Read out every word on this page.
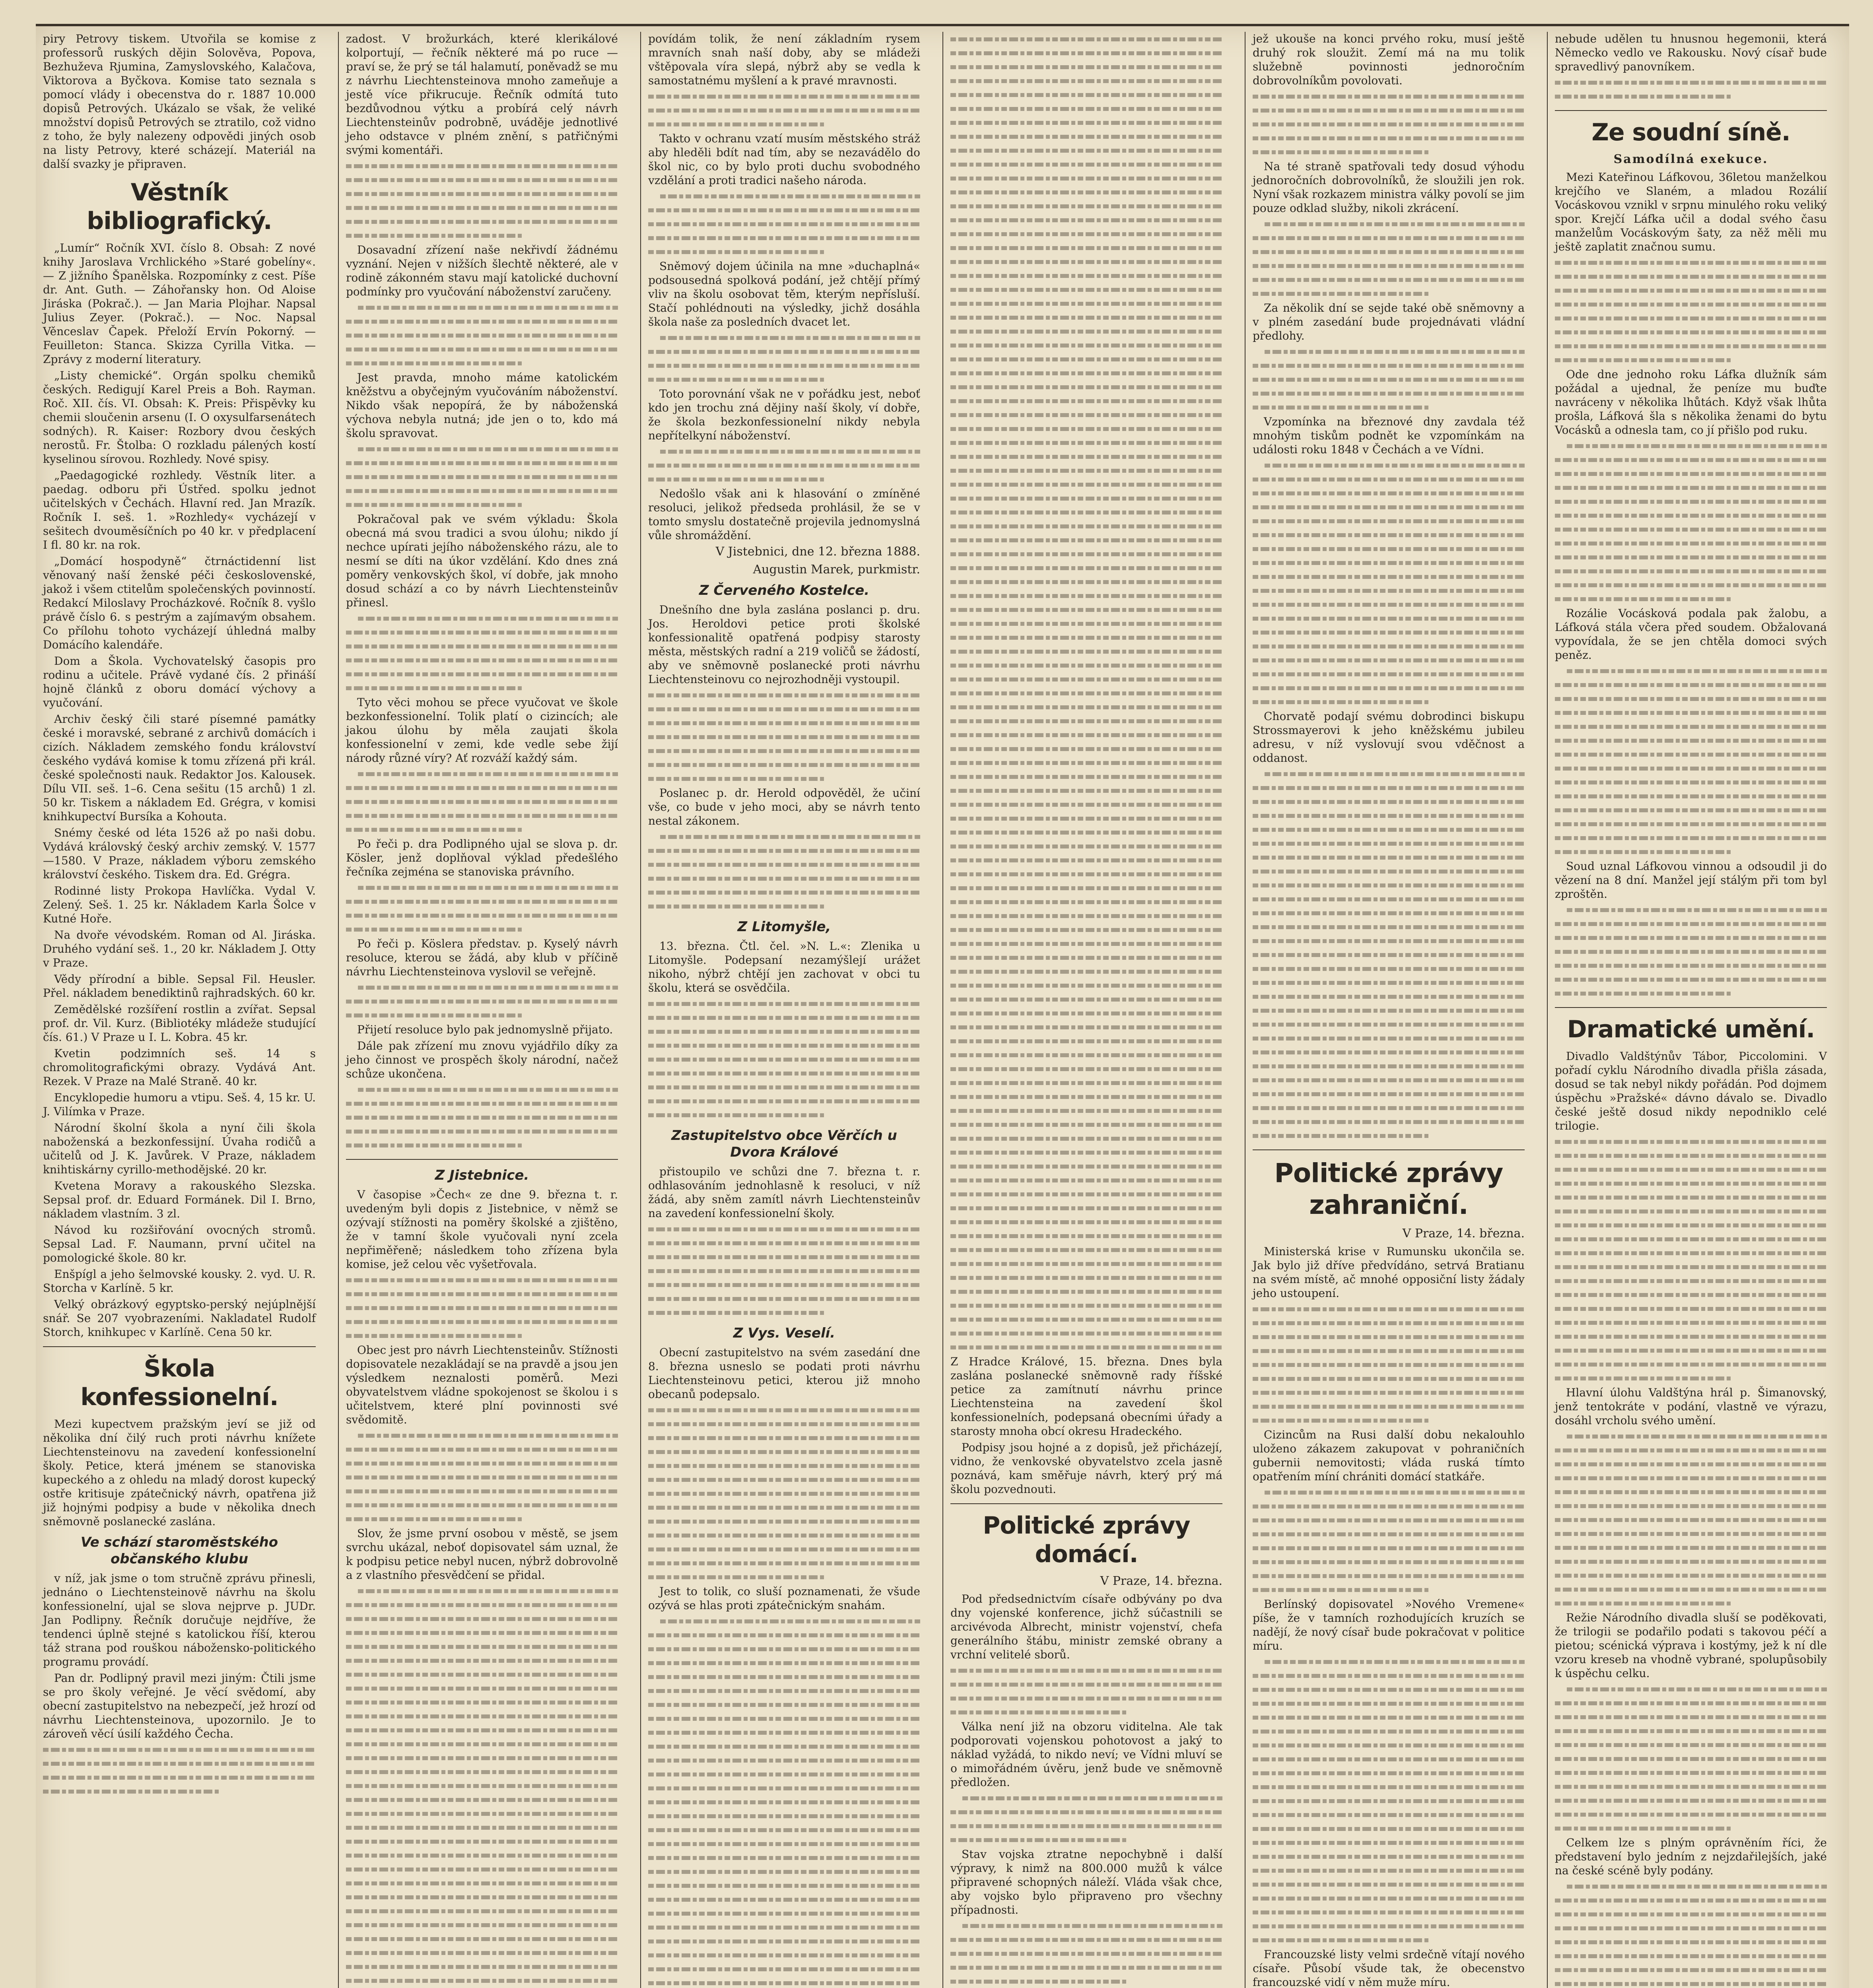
piry Petrovy tiskem. Utvořila se komise z professorů ruských dějin Solověva, Popova, Bezhuževa Rjumina, Zamyslovského, Kalačova, Viktorova a Byčkova. Komise tato seznala s pomocí vlády i obecenstva do r. 1887 10.000 dopisů Petrových. Ukázalo se však, že veliké množství dopisů Petrových se ztratilo, což vidno z toho, že byly nalezeny odpovědi jiných osob na listy Petrovy, které scházejí. Materiál na další svazky je připraven.

Věstník bibliografický.

„Lumír“ Ročník XVI. číslo 8. Obsah: Z nové knihy Jaroslava Vrchlického »Staré gobelíny«. — Z jižního Španělska. Rozpomínky z cest. Píše dr. Ant. Guth. — Záhořansky hon. Od Aloise Jiráska (Pokrač.). — Jan Maria Plojhar. Napsal Julius Zeyer. (Pokrač.). — Noc. Napsal Věnceslav Čapek. Přeloží Ervín Pokorný. — Feuilleton: Stanca. Skizza Cyrilla Vitka. — Zprávy z moderní literatury.

„Listy chemické“. Orgán spolku chemiků českých. Redigují Karel Preis a Boh. Rayman. Roč. XII. čís. VI. Obsah: K. Preis: Přispěvky ku chemii sloučenin arsenu (I. O oxysulfarsenátech sodných). R. Kaiser: Rozbory dvou českých nerostů. Fr. Štolba: O rozkladu pálených kostí kyselinou sírovou. Rozhledy. Nové spisy.

„Paedagogické rozhledy. Věstník liter. a paedag. odboru při Ústřed. spolku jednot učitelských v Čechách. Hlavní red. Jan Mrazík. Ročník I. seš. 1. »Rozhledy« vycházejí v sešitech dvouměsíčních po 40 kr. v předplacení I fl. 80 kr. na rok.

„Domácí hospodyně“ čtrnáctidenní list věnovaný naší ženské péči československé, jakož i všem ctitelům společenských povinností. Redakcí Miloslavy Procházkové. Ročník 8. vyšlo právě číslo 6. s pestrým a zajímavým obsahem. Co přílohu tohoto vycházejí úhledná malby Domácího kalendáře.

Dom a Škola. Vychovatelský časopis pro rodinu a učitele. Právě vydané čís. 2 přináší hojně článků z oboru domácí výchovy a vyučování.

Archiv český čili staré písemné památky české i moravské, sebrané z archivů domácích i cizích. Nákladem zemského fondu království českého vydává komise k tomu zřízená při král. české společnosti nauk. Redaktor Jos. Kalousek. Dílu VII. seš. 1–6. Cena sešitu (15 archů) 1 zl. 50 kr. Tiskem a nákladem Ed. Grégra, v komisi knihkupectví Bursíka a Kohouta.

Snémy české od léta 1526 až po naši dobu. Vydává královský český archiv zemský. V. 1577—1580. V Praze, nákladem výboru zemského království českého. Tiskem dra. Ed. Grégra.

Rodinné listy Prokopa Havlíčka. Vydal V. Zelený. Seš. 1. 25 kr. Nákladem Karla Šolce v Kutné Hoře.

Na dvoře vévodském. Roman od Al. Jiráska. Druhého vydání seš. 1., 20 kr. Nákladem J. Otty v Praze.

Vědy přírodní a bible. Sepsal Fil. Heusler. Přel. nákladem benediktinů rajhradských. 60 kr.

Zemědělské rozšíření rostlin a zvířat. Sepsal prof. dr. Vil. Kurz. (Bibliotéky mládeže studující čís. 61.) V Praze u I. L. Kobra. 45 kr.

Kvetin podzimních seš. 14 s chromolitografickými obrazy. Vydává Ant. Rezek. V Praze na Malé Straně. 40 kr.

Encyklopedie humoru a vtipu. Seš. 4, 15 kr. U. J. Vilímka v Praze.

Národní školní škola a nyní čili škola naboženská a bezkonfessijní. Úvaha rodičů a učitelů od J. K. Javůrek. V Praze, nákladem knihtiskárny cyrillo-methodějské. 20 kr.

Kvetena Moravy a rakouského Slezska. Sepsal prof. dr. Eduard Formánek. Dil I. Brno, nákladem vlastním. 3 zl.

Návod ku rozšiřování ovocných stromů. Sepsal Lad. F. Naumann, první učitel na pomologické škole. 80 kr.

Enšpígl a jeho šelmovské kousky. 2. vyd. U. R. Storcha v Karlíně. 5 kr.

Velký obrázkový egyptsko-perský nejúplnější snář. Se 207 vyobrazeními. Nakladatel Rudolf Storch, knihkupec v Karlíně. Cena 50 kr.

Škola konfessionelní.

Mezi kupectvem pražským jeví se již od několika dní čilý ruch proti návrhu knížete Liechtensteinovu na zavedení konfessionelní školy. Petice, která jménem se stanoviska kupeckého a z ohledu na mladý dorost kupecký ostře kritisuje zpátečnický návrh, opatřena již již hojnými podpisy a bude v několika dnech sněmovně poslanecké zaslána.

Ve schází staroměstského občanského klubu

v níž, jak jsme o tom stručně zprávu přinesli, jednáno o Liechtensteinově návrhu na školu konfessionelní, ujal se slova nejprve p. JUDr. Jan Podlipny. Řečník doručuje nejdříve, že tendenci úplně stejné s katolickou říší, kterou táž strana pod rouškou nábožensko-politického programu provádí.

Pan dr. Podlipný pravil mezi jiným: Čtili jsme se pro školy veřejné. Je věcí svědomí, aby obecní zastupitelstvo na nebezpečí, jež hrozí od návrhu Liechtensteinova, upozornilo. Je to zároveň věcí úsilí každého Čecha.

zadost. V brožurkách, které klerikálové kolportují, — řečník některé má po ruce — praví se, že prý se tál halamutí, poněvadž se mu z návrhu Liechtensteinova mnoho zameňuje a jestě více přikrucuje. Řečník odmítá tuto bezdůvodnou výtku a probírá celý návrh Liechtensteinův podrobně, uváděje jednotlivé jeho odstavce v plném znění, s patřičnými svými komentáři.

Dosavadní zřízení naše nekřivdí žádnému vyznání. Nejen v nižších šlechtě některé, ale v rodině zákonném stavu mají katolické duchovní podmínky pro vyučování náboženství zaručeny.

Jest pravda, mnoho máme katolickém kněžstvu a obyčejným vyučováním náboženství. Nikdo však nepopírá, že by náboženská výchova nebyla nutná; jde jen o to, kdo má školu spravovat.

Pokračoval pak ve svém výkladu: Škola obecná má svou tradici a svou úlohu; nikdo jí nechce upírati jejího náboženského rázu, ale to nesmí se díti na úkor vzdělání. Kdo dnes zná poměry venkovských škol, ví dobře, jak mnoho dosud schází a co by návrh Liechtensteinův přinesl.

Tyto věci mohou se přece vyučovat ve škole bezkonfessionelní. Tolik platí o cizincích; ale jakou úlohu by měla zaujati škola konfessionelní v zemi, kde vedle sebe žijí národy různé víry? Ať rozváží každý sám.

Po řeči p. dra Podlipného ujal se slova p. dr. Kösler, jenž doplňoval výklad předešlého řečníka zejména se stanoviska právního.

Po řeči p. Köslera představ. p. Kyselý návrh resoluce, kterou se žádá, aby klub v příčině návrhu Liechtensteinova vyslovil se veřejně.

Přijetí resoluce bylo pak jednomyslně přijato.

Dále pak zřízení mu znovu vyjádřilo díky za jeho činnost ve prospěch školy národní, načež schůze ukončena.

Z Jistebnice.

V časopise »Čech« ze dne 9. března t. r. uvedeným byli dopis z Jistebnice, v němž se ozývají stížnosti na poměry školské a zjištěno, že v tamní škole vyučovali nyní zcela nepřiměřeně; následkem toho zřízena byla komise, jež celou věc vyšetřovala.

Obec jest pro návrh Liechtensteinův. Stížnosti dopisovatele nezakládají se na pravdě a jsou jen výsledkem neznalosti poměrů. Mezi obyvatelstvem vládne spokojenost se školou i s učitelstvem, které plní povinnosti své svědomitě.

Slov, že jsme první osobou v městě, se jsem svrchu ukázal, neboť dopisovatel sám uznal, že k podpisu petice nebyl nucen, nýbrž dobrovolně a z vlastního přesvědčení se přidal.

povídám tolik, že není základním rysem mravních snah naší doby, aby se mládeži vštěpovala víra slepá, nýbrž aby se vedla k samostatnému myšlení a k pravé mravnosti.

Takto v ochranu vzatí musím městského stráž aby hleděli bdít nad tím, aby se nezavádělo do škol nic, co by bylo proti duchu svobodného vzdělání a proti tradici našeho národa.

Sněmový dojem účinila na mne »duchaplná« podsousedná spolková podání, jež chtějí přímý vliv na školu osobovat těm, kterým nepřísluší. Stačí pohlédnouti na výsledky, jichž dosáhla škola naše za posledních dvacet let.

Toto porovnání však ne v pořádku jest, neboť kdo jen trochu zná dějiny naší školy, ví dobře, že škola bezkonfessionelní nikdy nebyla nepřítelkyní náboženství.

Nedošlo však ani k hlasování o zmíněné resoluci, jelikož předseda prohlásil, že se v tomto smyslu dostatečně projevila jednomyslná vůle shromáždění.

V Jistebnici, dne 12. března 1888.
Augustin Marek, purkmistr.
Z Červeného Kostelce.

Dnešního dne byla zaslána poslanci p. dru. Jos. Heroldovi petice proti školské konfessionalitě opatřená podpisy starosty města, městských radní a 219 voličů se žádostí, aby ve sněmovně poslanecké proti návrhu Liechtensteinovu co nejrozhodněji vystoupil.

Poslanec p. dr. Herold odpověděl, že učiní vše, co bude v jeho moci, aby se návrh tento nestal zákonem.

Z Litomyšle,

13. března. Čtl. čel. »N. L.«: Zlenika u Litomyšle. Podepsaní nezamýšlejí urážet nikoho, nýbrž chtějí jen zachovat v obci tu školu, která se osvědčila.

Zastupitelstvo obce Věrčích u Dvora Králové

přistoupilo ve schůzi dne 7. března t. r. odhlasováním jednohlasně k resoluci, v níž žádá, aby sněm zamítl návrh Liechtensteinův na zavedení konfessionelní školy.

Z Vys. Veselí.

Obecní zastupitelstvo na svém zasedání dne 8. března usneslo se podati proti návrhu Liechtensteinovu petici, kterou již mnoho obecanů podepsalo.

Jest to tolik, co sluší poznamenati, že všude ozývá se hlas proti zpátečnickým snahám.

Z Hradce Králové, 15. března. Dnes byla zaslána poslanecké sněmovně rady říšské petice za zamítnutí návrhu prince Liechtensteina na zavedení škol konfessionelních, podepsaná obecními úřady a starosty mnoha obcí okresu Hradeckého.

Podpisy jsou hojné a z dopisů, jež přicházejí, vidno, že venkovské obyvatelstvo zcela jasně poznává, kam směřuje návrh, který prý má školu pozvednouti.

Politické zprávy domácí.
V Praze, 14. března.

Pod předsednictvím císaře odbývány po dva dny vojenské konference, jichž súčastnili se arcivévoda Albrecht, ministr vojenství, chefa generálního štábu, ministr zemské obrany a vrchní velitelé sborů.

Válka není již na obzoru viditelna. Ale tak podporovati vojenskou pohotovost a jaký to náklad vyžádá, to nikdo neví; ve Vídni mluví se o mimořádném úvěru, jenž bude ve sněmovně předložen.

Stav vojska ztratne nepochybně i další výpravy, k nimž na 800.000 mužů k válce připravené schopných náleží. Vláda však chce, aby vojsko bylo připraveno pro všechny případnosti.

jež ukouše na konci prvého roku, musí ještě druhý rok sloužit. Zemí má na mu tolik služebně povinnosti jednoročním dobrovolníkům povolovati.

Na té straně spatřovali tedy dosud výhodu jednoročních dobrovolníků, že sloužili jen rok. Nyní však rozkazem ministra války povolí se jim pouze odklad služby, nikoli zkrácení.

Za několik dní se sejde také obě sněmovny a v plném zasedání bude projednávati vládní předlohy.

Vzpomínka na březnové dny zavdala též mnohým tiskům podnět ke vzpomínkám na události roku 1848 v Čechách a ve Vídni.

Chorvatě podají svému dobrodinci biskupu Strossmayerovi k jeho kněžskému jubileu adresu, v níž vyslovují svou vděčnost a oddanost.

Politické zprávy zahraniční.
V Praze, 14. března.

Ministerská krise v Rumunsku ukončila se. Jak bylo již dříve předvídáno, setrvá Bratianu na svém místě, ač mnohé opposiční listy žádaly jeho ustoupení.

Cizincům na Rusi další dobu nekalouhlo uloženo zákazem zakupovat v pohraničních gubernii nemovitosti; vláda ruská tímto opatřením míní chrániti domácí statkáře.

Berlínský dopisovatel »Nového Vremene« píše, že v tamních rozhodujících kruzích se nadějí, že nový císař bude pokračovat v politice míru.

Francouzské listy velmi srdečně vítají nového císaře. Působí všude tak, že obecenstvo francouzské vidí v něm muže míru.

nebude udělen tu hnusnou hegemonii, která Německo vedlo ve Rakousku. Nový císař bude spravedlivý panovníkem.

Ze soudní síně.
Samodílná exekuce.

Mezi Kateřinou Láfkovou, 36letou manželkou krejčího ve Slaném, a mladou Rozálií Vocáskovou vznikl v srpnu minulého roku veliký spor. Krejčí Láfka učil a dodal svého času manželům Vocáskovým šaty, za něž měli mu ještě zaplatit značnou sumu.

Ode dne jednoho roku Láfka dlužník sám požádal a ujednal, že peníze mu buďte navráceny v několika lhůtách. Když však lhůta prošla, Láfková šla s několika ženami do bytu Vocásků a odnesla tam, co jí přišlo pod ruku.

Rozálie Vocásková podala pak žalobu, a Láfková stála včera před soudem. Obžalovaná vypovídala, že se jen chtěla domoci svých peněz.

Soud uznal Láfkovou vinnou a odsoudil ji do vězení na 8 dní. Manžel její stálým při tom byl zproštěn.

Dramatické umění.

Divadlo Valdštýnův Tábor, Piccolomini. V pořadí cyklu Národního divadla přišla zásada, dosud se tak nebyl nikdy pořádán. Pod dojmem úspěchu »Pražské« dávno dávalo se. Divadlo české ještě dosud nikdy nepodniklo celé trilogie.

Hlavní úlohu Valdštýna hrál p. Šimanovský, jenž tentokráte v podání, vlastně ve výrazu, dosáhl vrcholu svého umění.

Režie Národního divadla sluší se poděkovati, že trilogii se podařilo podati s takovou péčí a pietou; scénická výprava i kostýmy, jež k ní dle vzoru kreseb na vhodně vybrané, spolupůsobily k úspěchu celku.

Celkem lze s plným oprávněním říci, že představení bylo jedním z nejzdařilejších, jaké na české scéně byly podány.
